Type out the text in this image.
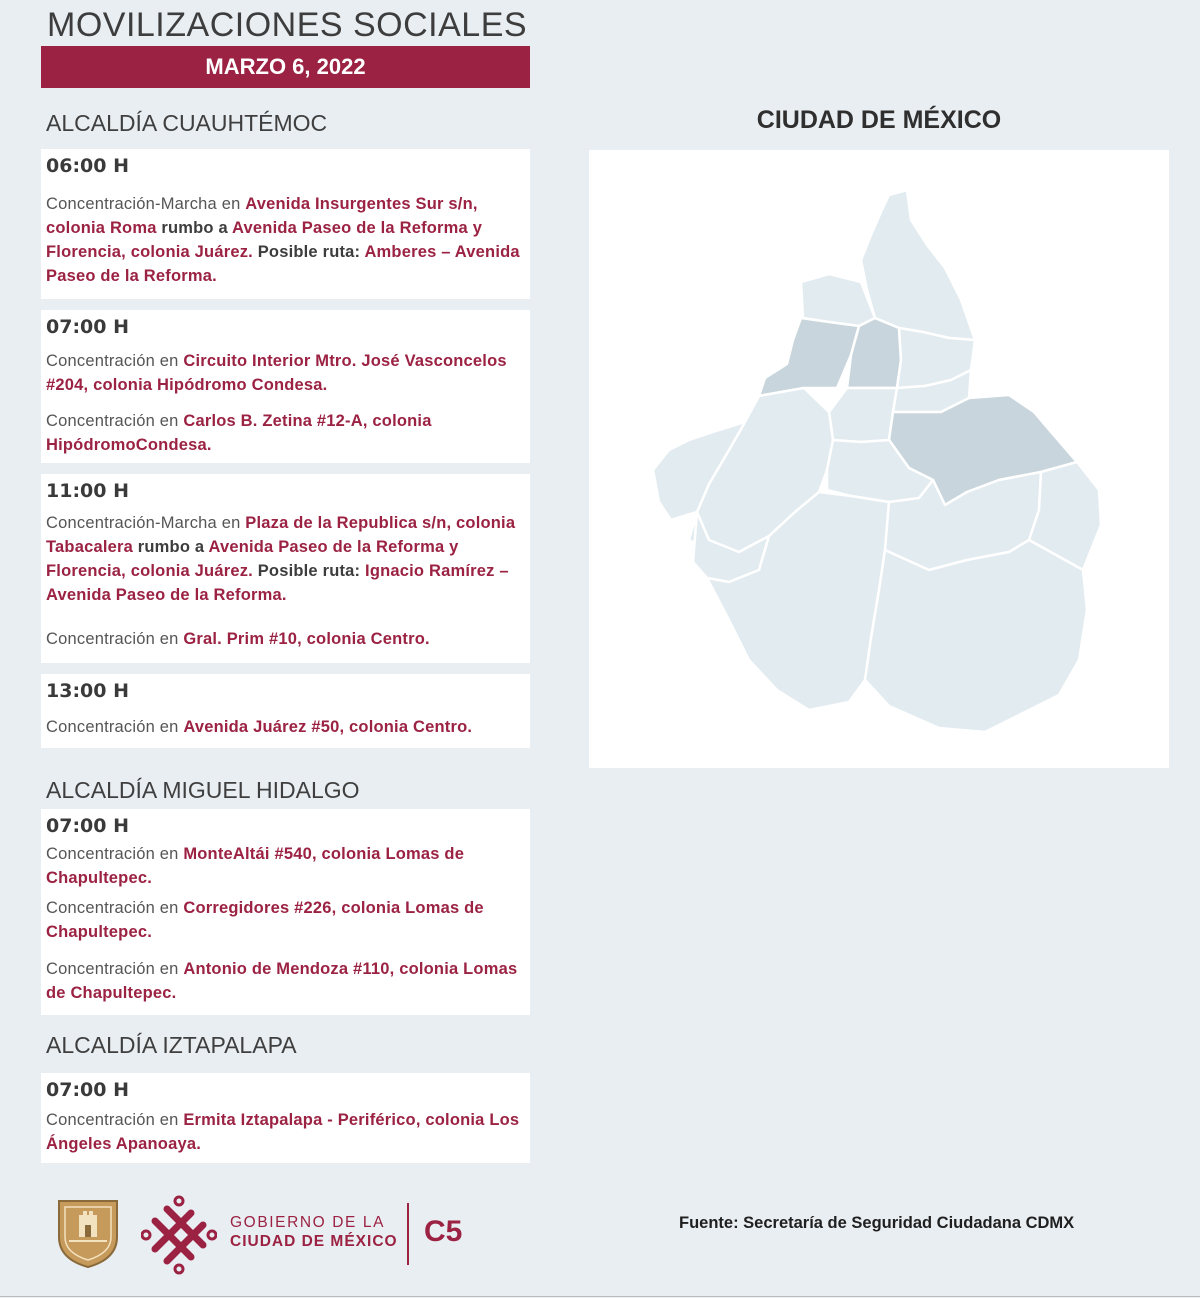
MOVILIZACIONES SOCIALES
MARZO 6, 2022
ALCALDÍA CUAUHTÉMOC
06:00 H
Concentración-Marcha en Avenida Insurgentes Sur s/n, colonia Roma rumbo a Avenida Paseo de la Reforma y Florencia, colonia Juárez. Posible ruta: Amberes – Avenida Paseo de la Reforma.
07:00 H
Concentración en Circuito Interior Mtro. José Vasconcelos #204, colonia Hipódromo Condesa.
Concentración en Carlos B. Zetina #12-A, colonia HipódromoCondesa.
11:00 H
Concentración-Marcha en Plaza de la Republica s/n, colonia Tabacalera rumbo a Avenida Paseo de la Reforma y Florencia, colonia Juárez. Posible ruta: Ignacio Ramírez – Avenida Paseo de la Reforma.
Concentración en Gral. Prim #10, colonia Centro.
13:00 H
Concentración en Avenida Juárez #50, colonia Centro.
ALCALDÍA MIGUEL HIDALGO
07:00 H
Concentración en MonteAltái #540, colonia Lomas de Chapultepec.
Concentración en Corregidores #226, colonia Lomas de Chapultepec.
Concentración en Antonio de Mendoza #110, colonia Lomas de Chapultepec.
ALCALDÍA IZTAPALAPA
07:00 H
Concentración en Ermita Iztapalapa - Periférico, colonia Los Ángeles Apanoaya.
CIUDAD DE MÉXICO
GOBIERNO DE LA
CIUDAD DE MÉXICO C5	Fuente: Secretaría de Seguridad Ciudadana CDMX
